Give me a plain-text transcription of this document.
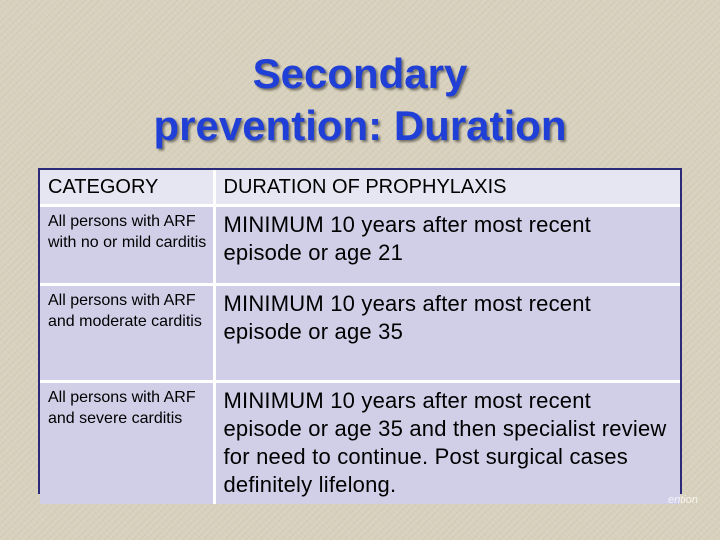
Secondary
prevention: Duration
CATEGORY	DURATION OF PROPHYLAXIS
All persons with ARF with no or mild carditis	MINIMUM 10 years after most recent episode or age 21
All persons with ARF and moderate carditis	MINIMUM 10 years after most recent episode or age 35
All persons with ARF and severe carditis	MINIMUM 10 years after most recent episode or age 35 and then specialist review for need to continue. Post surgical cases definitely lifelong.
ention
